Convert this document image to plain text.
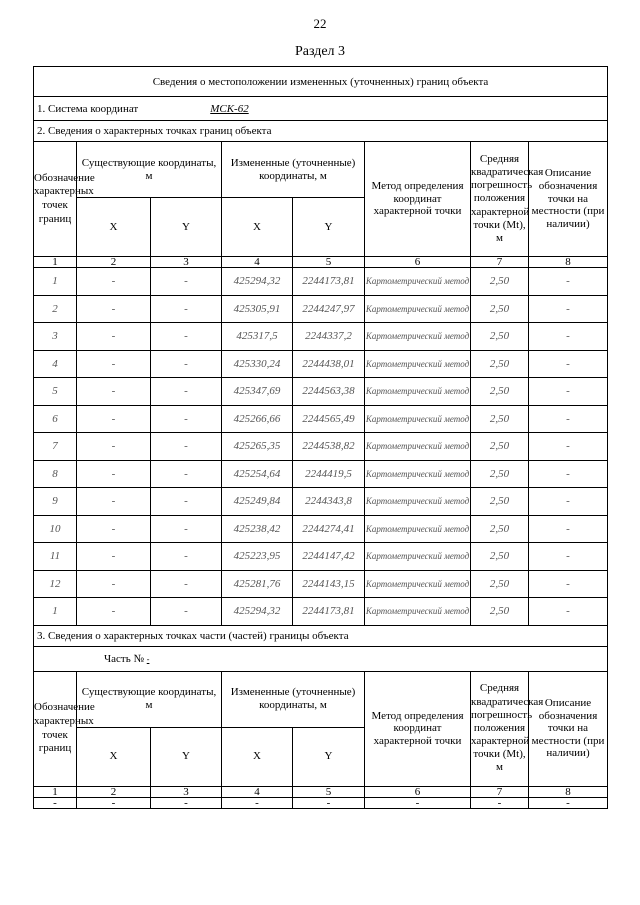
22
Раздел 3
Сведения о местоположении измененных (уточненных) границ объекта							
1. Система координат МСК-62							
2. Сведения о характерных точках границ объекта							
Обозначение характерных точек границ	Существующие координаты, м		Измененные (уточненные) координаты, м		Метод определения координат характерной точки	Средняя квадратическая погрешность положения характерной точки (Mt), м	Описание обозначения точки на местности (при наличии)
	X	Y	X	Y			
1	2	3	4	5	6	7	8
1	-	-	425294,32	2244173,81	Картометрический метод	2,50	-
2	-	-	425305,91	2244247,97	Картометрический метод	2,50	-
3	-	-	425317,5	2244337,2	Картометрический метод	2,50	-
4	-	-	425330,24	2244438,01	Картометрический метод	2,50	-
5	-	-	425347,69	2244563,38	Картометрический метод	2,50	-
6	-	-	425266,66	2244565,49	Картометрический метод	2,50	-
7	-	-	425265,35	2244538,82	Картометрический метод	2,50	-
8	-	-	425254,64	2244419,5	Картометрический метод	2,50	-
9	-	-	425249,84	2244343,8	Картометрический метод	2,50	-
10	-	-	425238,42	2244274,41	Картометрический метод	2,50	-
11	-	-	425223,95	2244147,42	Картометрический метод	2,50	-
12	-	-	425281,76	2244143,15	Картометрический метод	2,50	-
1	-	-	425294,32	2244173,81	Картометрический метод	2,50	-
3. Сведения о характерных точках части (частей) границы объекта							
Часть № -							
Обозначение характерных точек границ	Существующие координаты, м		Измененные (уточненные) координаты, м		Метод определения координат характерной точки	Средняя квадратическая погрешность положения характерной точки (Mt), м	Описание обозначения точки на местности (при наличии)
	X	Y	X	Y			
1	2	3	4	5	6	7	8
-	-	-	-	-	-	-	-
